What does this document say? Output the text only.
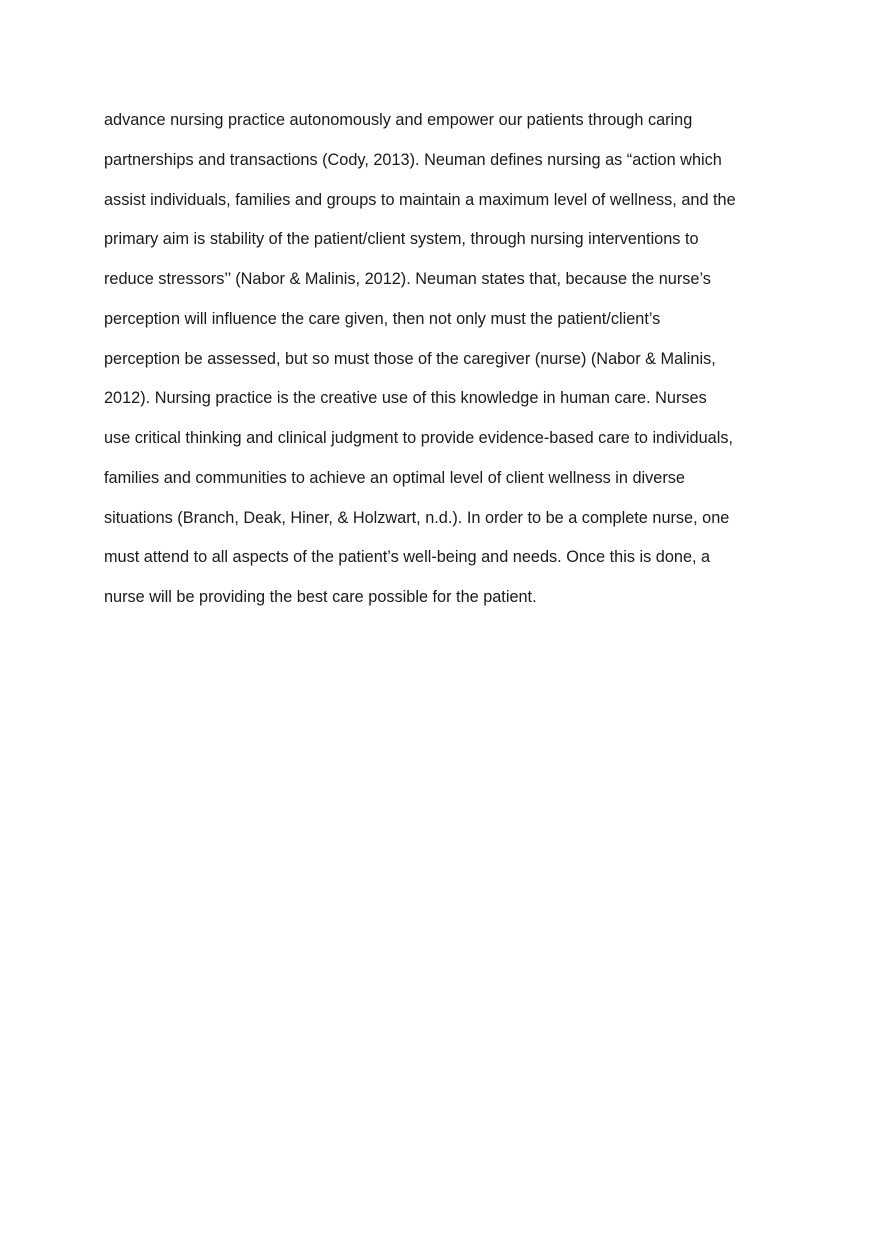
advance nursing practice autonomously and empower our patients through caring
partnerships and transactions (Cody, 2013). Neuman defines nursing as “action which
assist individuals, families and groups to maintain a maximum level of wellness, and the
primary aim is stability of the patient/client system, through nursing interventions to
reduce stressors’’ (Nabor & Malinis, 2012). Neuman states that, because the nurse’s
perception will influence the care given, then not only must the patient/client’s
perception be assessed, but so must those of the caregiver (nurse) (Nabor & Malinis,
2012). Nursing practice is the creative use of this knowledge in human care. Nurses
use critical thinking and clinical judgment to provide evidence-based care to individuals,
families and communities to achieve an optimal level of client wellness in diverse
situations (Branch, Deak, Hiner, & Holzwart, n.d.). In order to be a complete nurse, one
must attend to all aspects of the patient’s well-being and needs. Once this is done, a
nurse will be providing the best care possible for the patient.
